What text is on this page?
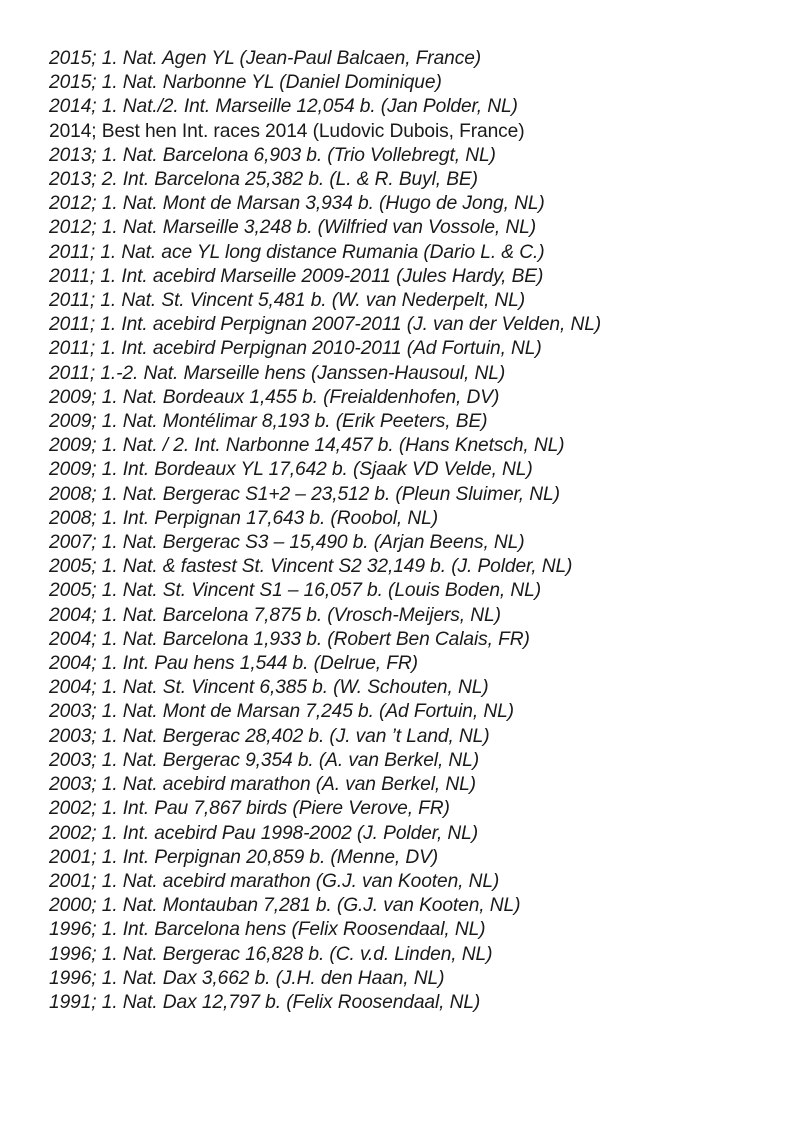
2015; 1. Nat. Agen YL (Jean-Paul Balcaen, France)
2015; 1. Nat. Narbonne YL (Daniel Dominique)
2014; 1. Nat./2. Int. Marseille 12,054 b. (Jan Polder, NL)
2014; Best hen Int. races 2014 (Ludovic Dubois, France)
2013; 1. Nat. Barcelona 6,903 b. (Trio Vollebregt, NL)
2013; 2. Int. Barcelona 25,382 b. (L. & R. Buyl, BE)
2012; 1. Nat. Mont de Marsan 3,934 b. (Hugo de Jong, NL)
2012; 1. Nat. Marseille 3,248 b. (Wilfried van Vossole, NL)
2011; 1. Nat. ace YL long distance Rumania (Dario L. & C.)
2011; 1. Int. acebird Marseille 2009-2011 (Jules Hardy, BE)
2011; 1. Nat. St. Vincent 5,481 b. (W. van Nederpelt, NL)
2011; 1. Int. acebird Perpignan 2007-2011 (J. van der Velden, NL)
2011; 1. Int. acebird Perpignan 2010-2011 (Ad Fortuin, NL)
2011; 1.-2. Nat. Marseille hens (Janssen-Hausoul, NL)
2009; 1. Nat. Bordeaux 1,455 b. (Freialdenhofen, DV)
2009; 1. Nat. Montélimar 8,193 b. (Erik Peeters, BE)
2009; 1. Nat. / 2. Int. Narbonne 14,457 b. (Hans Knetsch, NL)
2009; 1. Int. Bordeaux YL 17,642 b. (Sjaak VD Velde, NL)
2008; 1. Nat. Bergerac S1+2 – 23,512 b. (Pleun Sluimer, NL)
2008; 1. Int. Perpignan 17,643 b. (Roobol, NL)
2007; 1. Nat. Bergerac S3 – 15,490 b. (Arjan Beens, NL)
2005; 1. Nat. & fastest St. Vincent S2 32,149 b. (J. Polder, NL)
2005; 1. Nat. St. Vincent S1 – 16,057 b. (Louis Boden, NL)
2004; 1. Nat. Barcelona 7,875 b. (Vrosch-Meijers, NL)
2004; 1. Nat. Barcelona 1,933 b. (Robert Ben Calais, FR)
2004; 1. Int. Pau hens 1,544 b. (Delrue, FR)
2004; 1. Nat. St. Vincent 6,385 b. (W. Schouten, NL)
2003; 1. Nat. Mont de Marsan 7,245 b. (Ad Fortuin, NL)
2003; 1. Nat. Bergerac 28,402 b. (J. van ’t Land, NL)
2003; 1. Nat. Bergerac 9,354 b. (A. van Berkel, NL)
2003; 1. Nat. acebird marathon (A. van Berkel, NL)
2002; 1. Int. Pau 7,867 birds (Piere Verove, FR)
2002; 1. Int. acebird Pau 1998-2002 (J. Polder, NL)
2001; 1. Int. Perpignan 20,859 b. (Menne, DV)
2001; 1. Nat. acebird marathon (G.J. van Kooten, NL)
2000; 1. Nat. Montauban 7,281 b. (G.J. van Kooten, NL)
1996; 1. Int. Barcelona hens (Felix Roosendaal, NL)
1996; 1. Nat. Bergerac 16,828 b. (C. v.d. Linden, NL)
1996; 1. Nat. Dax 3,662 b. (J.H. den Haan, NL)
1991; 1. Nat. Dax 12,797 b. (Felix Roosendaal, NL)
